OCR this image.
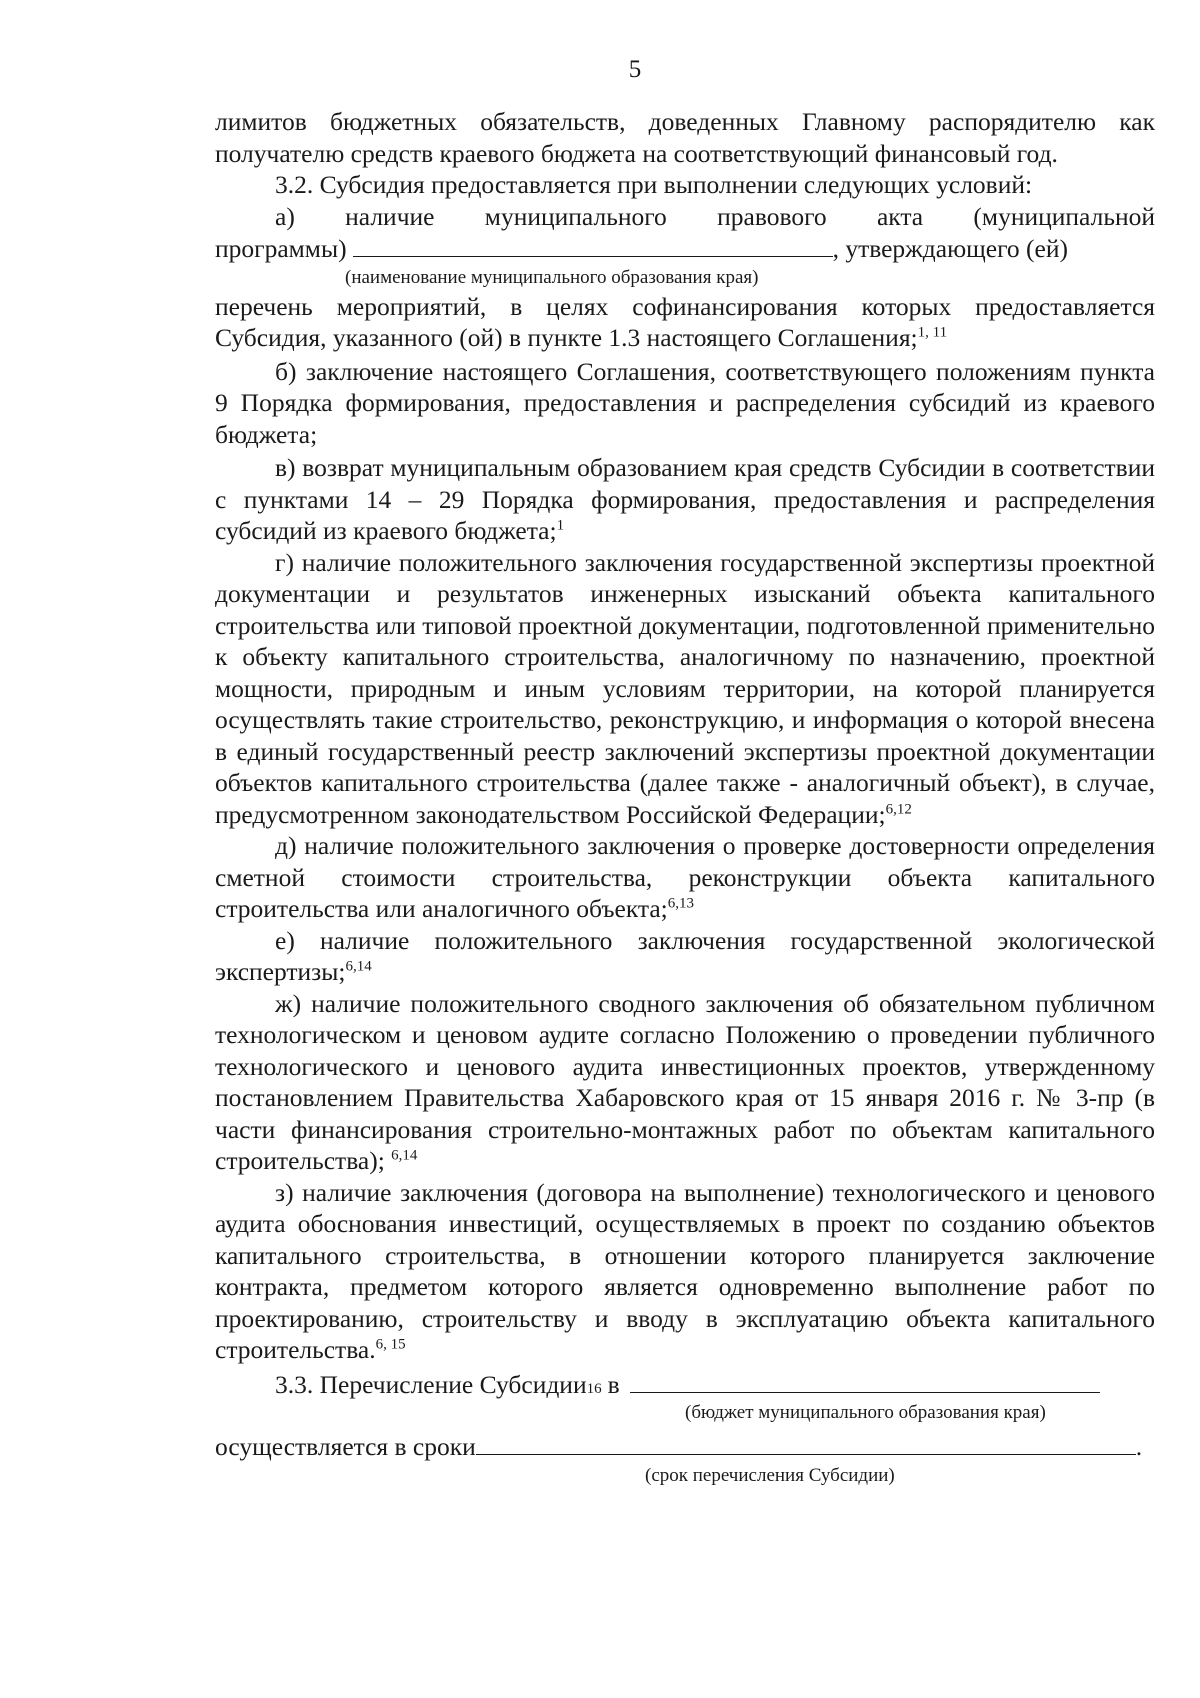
5

лимитов бюджетных обязательств, доведенных Главному распорядителю как получателю средств краевого бюджета на соответствующий финансовый год.

3.2. Субсидия предоставляется при выполнении следующих условий:

а) наличие муниципального правового акта (муниципальной

программы)	, утверждающего (ей)
(наименование муниципального образования края)

перечень мероприятий, в целях софинансирования которых предоставляется Субсидия, указанного (ой) в пункте 1.3 настоящего Соглашения;$^{1, 11}$

б) заключение настоящего Соглашения, соответствующего положениям пункта 9 Порядка формирования, предоставления и распределения субсидий из краевого бюджета;

в) возврат муниципальным образованием края средств Субсидии в соответствии с пунктами 14 – 29 Порядка формирования, предоставления и распределения субсидий из краевого бюджета;$^1$

г) наличие положительного заключения государственной экспертизы проектной документации и результатов инженерных изысканий объекта капитального строительства или типовой проектной документации, подготовленной применительно к объекту капитального строительства, аналогичному по назначению, проектной мощности, природным и иным условиям территории, на которой планируется осуществлять такие строительство, реконструкцию, и информация о которой внесена в единый государственный реестр заключений экспертизы проектной документации объектов капитального строительства (далее также - аналогичный объект), в случае, предусмотренном законодательством Российской Федерации;$^{6,12}$

д) наличие положительного заключения о проверке достоверности определения сметной стоимости строительства, реконструкции объекта капитального строительства или аналогичного объекта;$^{6,13}$

е) наличие положительного заключения государственной экологической экспертизы;$^{6,14}$

ж) наличие положительного сводного заключения об обязательном публичном технологическом и ценовом аудите согласно Положению о проведении публичного технологического и ценового аудита инвестиционных проектов, утвержденному постановлением Правительства Хабаровского края от 15 января 2016 г. № 3-пр (в части финансирования строительно-монтажных работ по объектам капитального строительства); $^{6,14}$

з) наличие заключения (договора на выполнение) технологического и ценового аудита обоснования инвестиций, осуществляемых в проект по созданию объектов капитального строительства, в отношении которого планируется заключение контракта, предметом которого является одновременно выполнение работ по проектированию, строительству и вводу в эксплуатацию объекта капитального строительства.$^{6, 15}$

3.3. Перечисление Субсидии 16 в
(бюджет муниципального образования края)
осуществляется в сроки	.
(срок перечисления Субсидии)
